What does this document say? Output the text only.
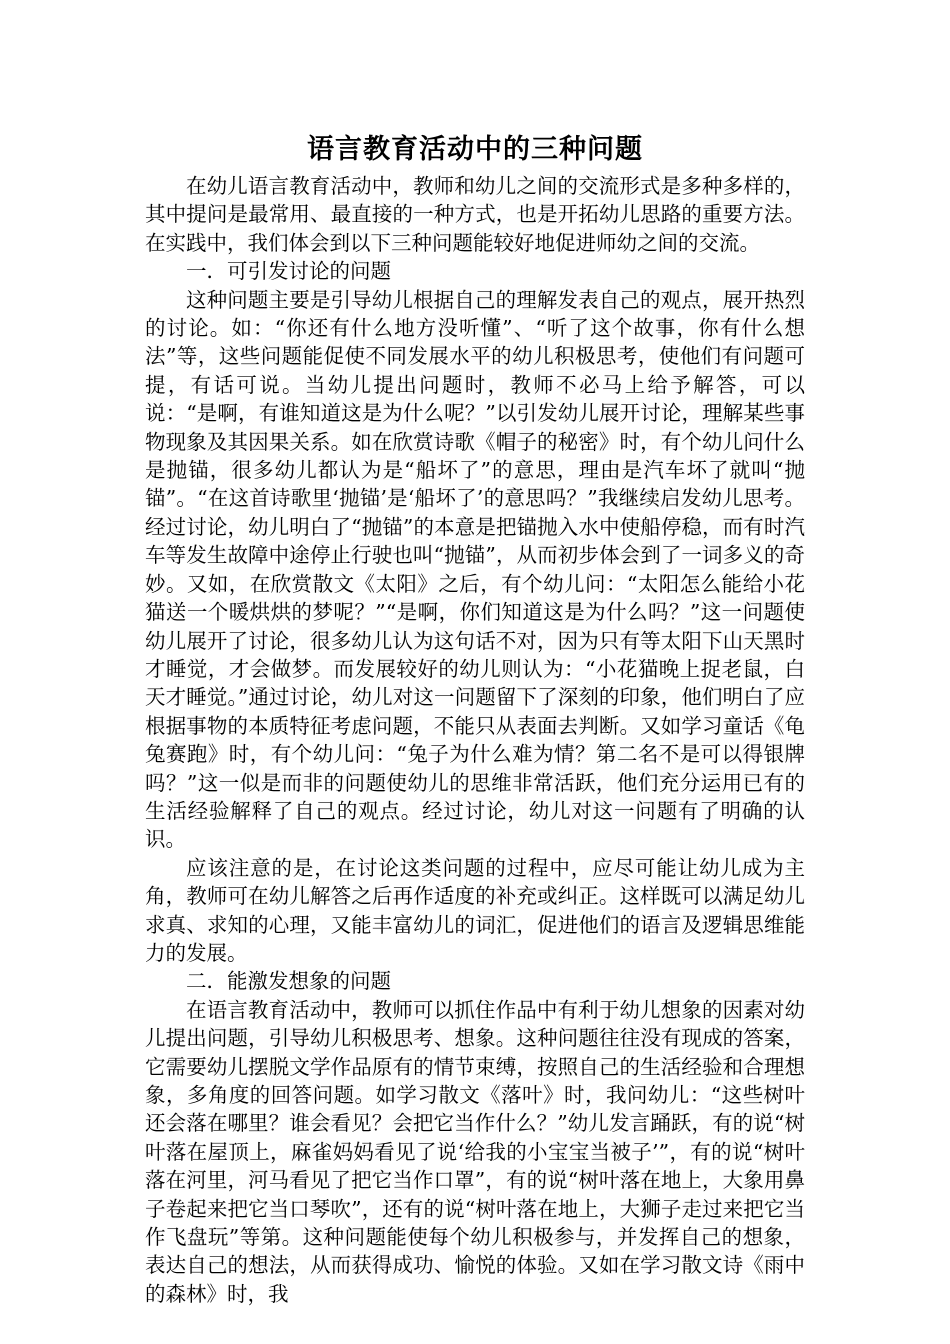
语言教育活动中的三种问题

在幼儿语言教育活动中，教师和幼儿之间的交流形式是多种多样的，其中提问是最常用、最直接的一种方式，也是开拓幼儿思路的重要方法。在实践中，我们体会到以下三种问题能较好地促进师幼之间的交流。

一．可引发讨论的问题

这种问题主要是引导幼儿根据自己的理解发表自己的观点，展开热烈的讨论。如：“你还有什么地方没听懂”、“听了这个故事，你有什么想法”等，这些问题能促使不同发展水平的幼儿积极思考，使他们有问题可提，有话可说。当幼儿提出问题时，教师不必马上给予解答，可以说：“是啊，有谁知道这是为什么呢？”以引发幼儿展开讨论，理解某些事物现象及其因果关系。如在欣赏诗歌《帽子的秘密》时，有个幼儿问什么是抛锚，很多幼儿都认为是“船坏了”的意思，理由是汽车坏了就叫“抛锚”。“在这首诗歌里‘抛锚’是‘船坏了’的意思吗？”我继续启发幼儿思考。经过讨论，幼儿明白了“抛锚”的本意是把锚抛入水中使船停稳，而有时汽车等发生故障中途停止行驶也叫“抛锚”，从而初步体会到了一词多义的奇妙。又如，在欣赏散文《太阳》之后，有个幼儿问：“太阳怎么能给小花猫送一个暖烘烘的梦呢？”“是啊，你们知道这是为什么吗？”这一问题使幼儿展开了讨论，很多幼儿认为这句话不对，因为只有等太阳下山天黑时才睡觉，才会做梦。而发展较好的幼儿则认为：“小花猫晚上捉老鼠，白天才睡觉。”通过讨论，幼儿对这一问题留下了深刻的印象，他们明白了应根据事物的本质特征考虑问题，不能只从表面去判断。又如学习童话《龟兔赛跑》时，有个幼儿问：“兔子为什么难为情？第二名不是可以得银牌吗？”这一似是而非的问题使幼儿的思维非常活跃，他们充分运用已有的生活经验解释了自己的观点。经过讨论，幼儿对这一问题有了明确的认识。

应该注意的是，在讨论这类问题的过程中，应尽可能让幼儿成为主角，教师可在幼儿解答之后再作适度的补充或纠正。这样既可以满足幼儿求真、求知的心理，又能丰富幼儿的词汇，促进他们的语言及逻辑思维能力的发展。

二．能激发想象的问题

在语言教育活动中，教师可以抓住作品中有利于幼儿想象的因素对幼儿提出问题，引导幼儿积极思考、想象。这种问题往往没有现成的答案，它需要幼儿摆脱文学作品原有的情节束缚，按照自己的生活经验和合理想象，多角度的回答问题。如学习散文《落叶》时，我问幼儿：“这些树叶还会落在哪里？谁会看见？会把它当作什么？”幼儿发言踊跃，有的说“树叶落在屋顶上，麻雀妈妈看见了说‘给我的小宝宝当被子’”，有的说“树叶落在河里，河马看见了把它当作口罩”，有的说“树叶落在地上，大象用鼻子卷起来把它当口琴吹”，还有的说“树叶落在地上，大狮子走过来把它当作飞盘玩”等第。这种问题能使每个幼儿积极参与，并发挥自己的想象，表达自己的想法，从而获得成功、愉悦的体验。又如在学习散文诗《雨中的森林》时，我
